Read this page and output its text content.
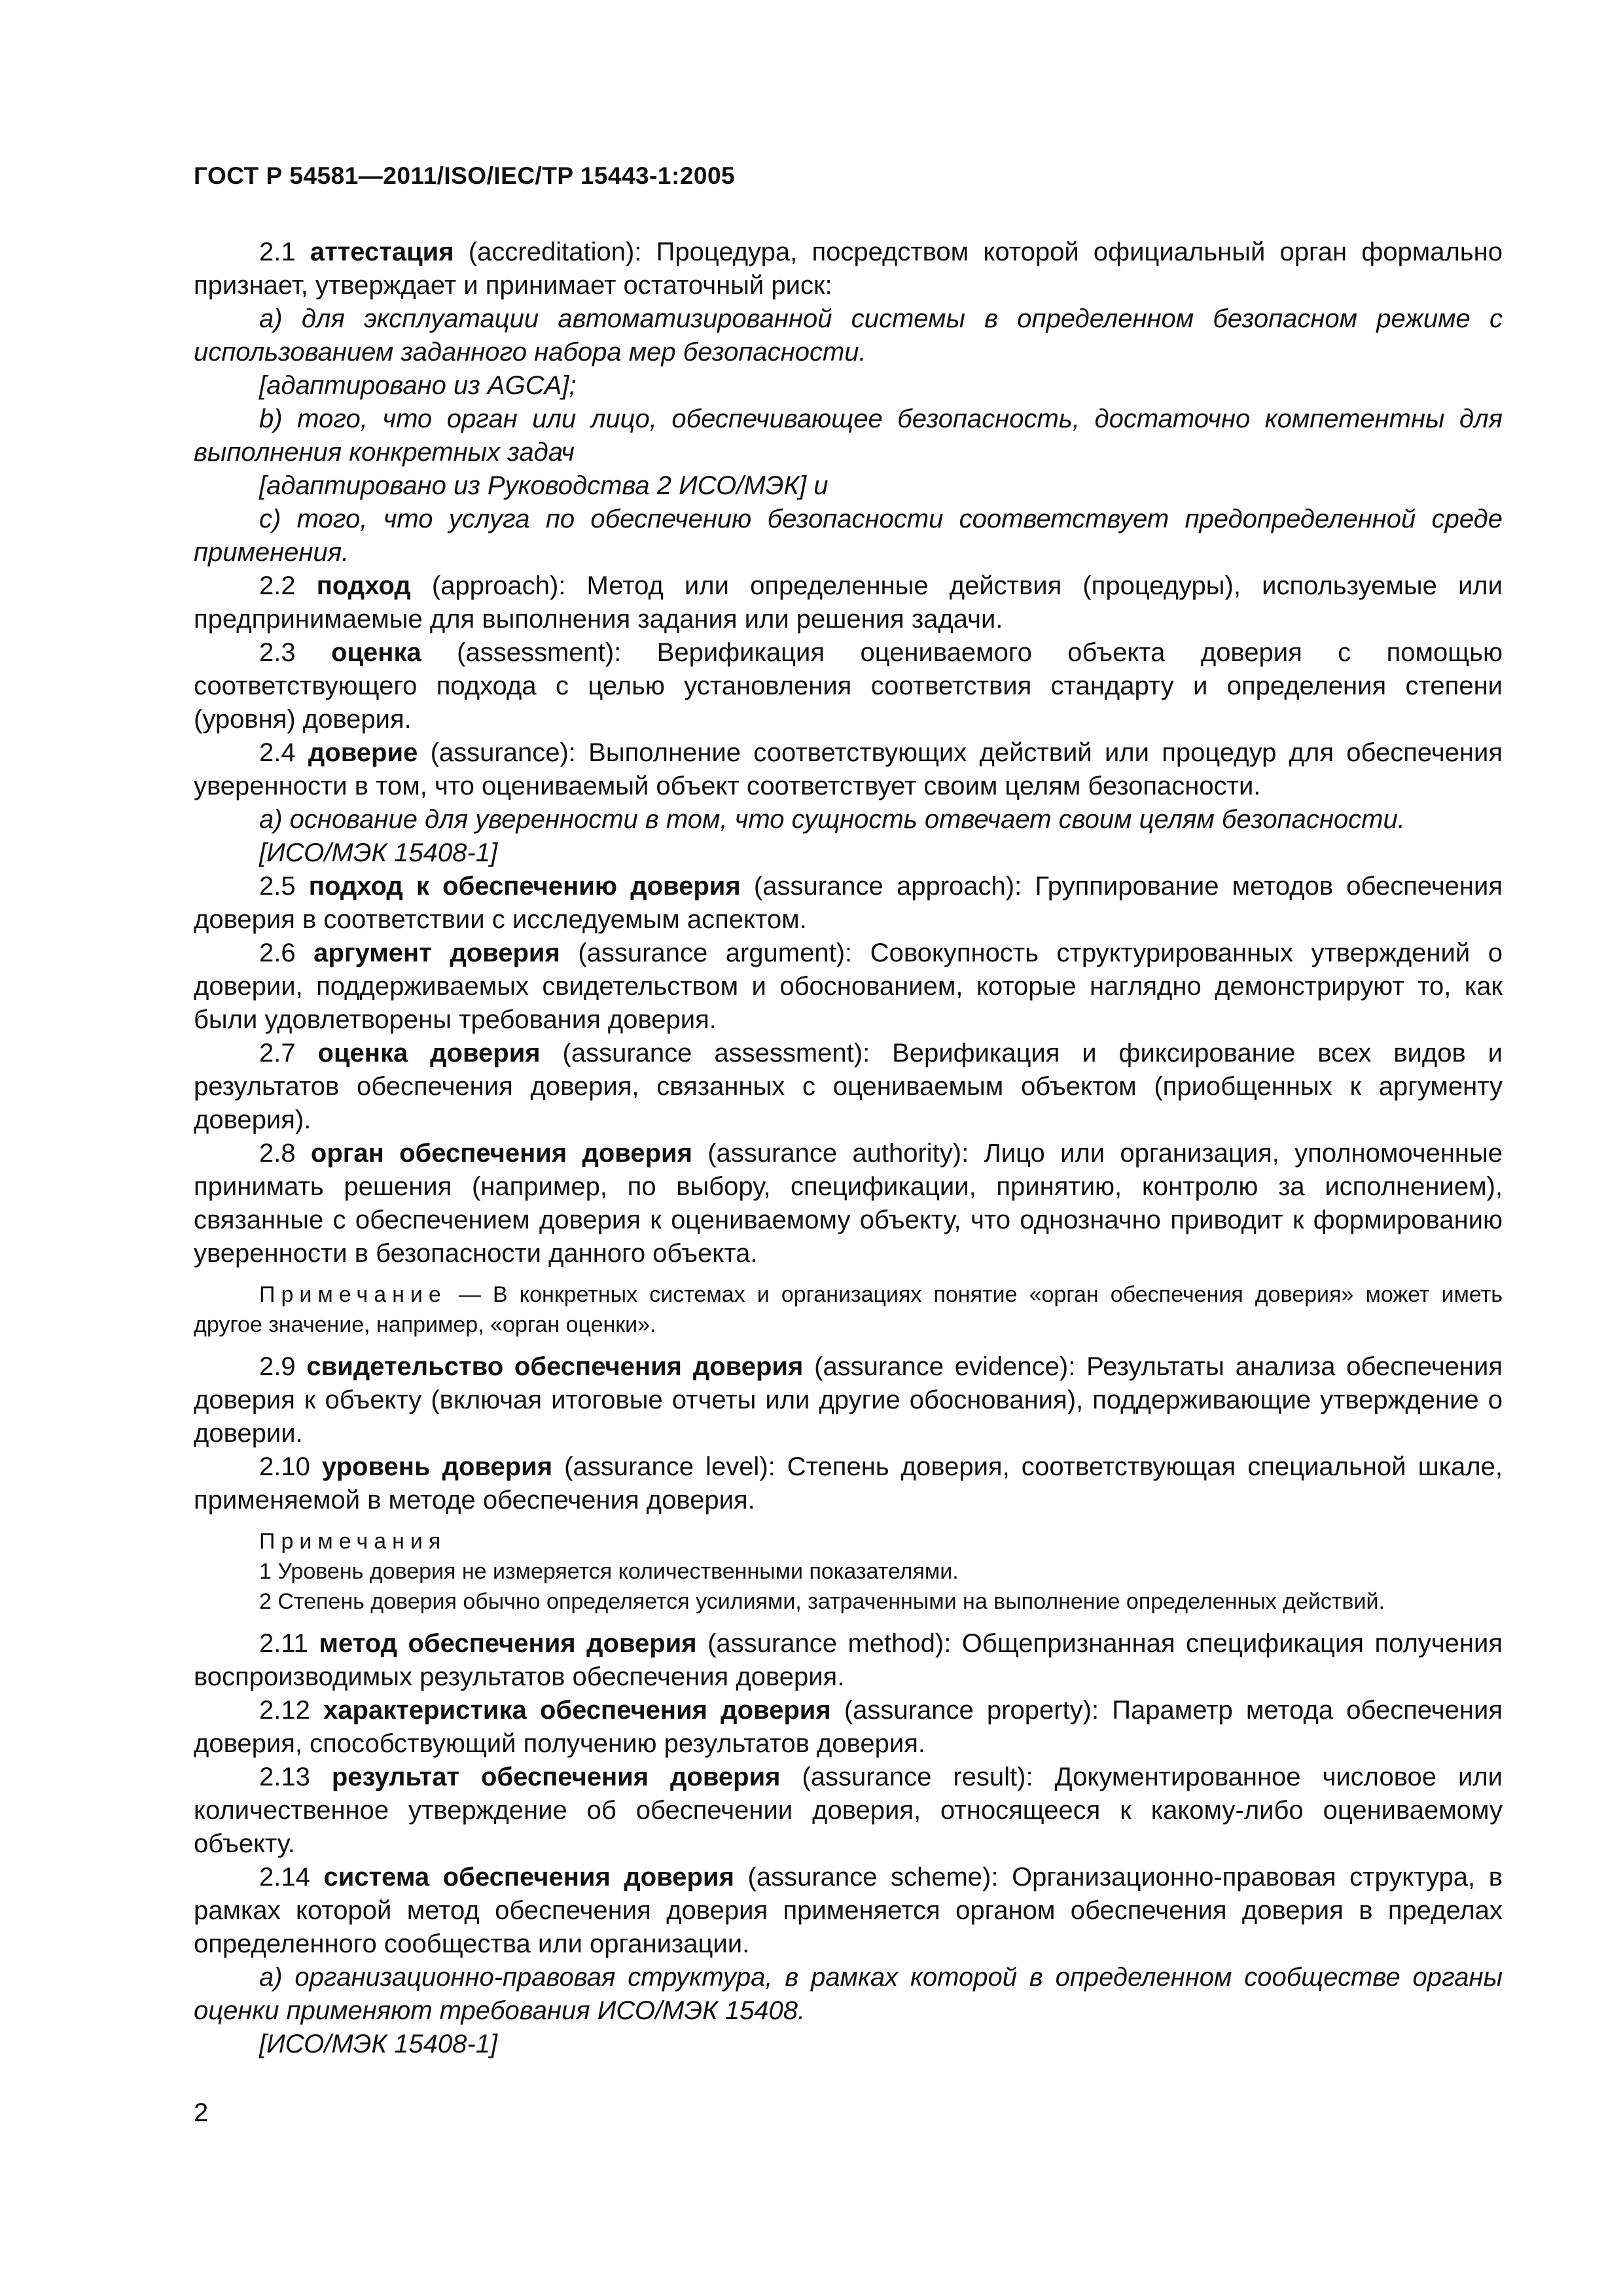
ГОСТ Р 54581—2011/ISO/IEC/TP 15443-1:2005

2.1 аттестация (accreditation): Процедура, посредством которой официальный орган формально признает, утверждает и принимает остаточный риск:

a) для эксплуатации автоматизированной системы в определенном безопасном режиме с использованием заданного набора мер безопасности.

[адаптировано из AGCA];

b) того, что орган или лицо, обеспечивающее безопасность, достаточно компетентны для выполнения конкретных задач

[адаптировано из Руководства 2 ИСО/МЭК] и

c) того, что услуга по обеспечению безопасности соответствует предопределенной среде применения.

2.2 подход (approach): Метод или определенные действия (процедуры), используемые или предпринимаемые для выполнения задания или решения задачи.

2.3 оценка (assessment): Верификация оцениваемого объекта доверия с помощью соответствующего подхода с целью установления соответствия стандарту и определения степени (уровня) доверия.

2.4 доверие (assurance): Выполнение соответствующих действий или процедур для обеспечения уверенности в том, что оцениваемый объект соответствует своим целям безопасности.

a) основание для уверенности в том, что сущность отвечает своим целям безопасности.

[ИСО/МЭК 15408-1]

2.5 подход к обеспечению доверия (assurance approach): Группирование методов обеспечения доверия в соответствии с исследуемым аспектом.

2.6 аргумент доверия (assurance argument): Совокупность структурированных утверждений о доверии, поддерживаемых свидетельством и обоснованием, которые наглядно демонстрируют то, как были удовлетворены требования доверия.

2.7 оценка доверия (assurance assessment): Верификация и фиксирование всех видов и результатов обеспечения доверия, связанных с оцениваемым объектом (приобщенных к аргументу доверия).

2.8 орган обеспечения доверия (assurance authority): Лицо или организация, уполномоченные принимать решения (например, по выбору, спецификации, принятию, контролю за исполнением), связанные с обеспечением доверия к оцениваемому объекту, что однозначно приводит к формированию уверенности в безопасности данного объекта.

Примечание — В конкретных системах и организациях понятие «орган обеспечения доверия» может иметь другое значение, например, «орган оценки».

2.9 свидетельство обеспечения доверия (assurance evidence): Результаты анализа обеспечения доверия к объекту (включая итоговые отчеты или другие обоснования), поддерживающие утверждение о доверии.

2.10 уровень доверия (assurance level): Степень доверия, соответствующая специальной шкале, применяемой в методе обеспечения доверия.

Примечания

1 Уровень доверия не измеряется количественными показателями.

2 Степень доверия обычно определяется усилиями, затраченными на выполнение определенных действий.

2.11 метод обеспечения доверия (assurance method): Общепризнанная спецификация получения воспроизводимых результатов обеспечения доверия.

2.12 характеристика обеспечения доверия (assurance property): Параметр метода обеспечения доверия, способствующий получению результатов доверия.

2.13 результат обеспечения доверия (assurance result): Документированное числовое или количественное утверждение об обеспечении доверия, относящееся к какому-либо оцениваемому объекту.

2.14 система обеспечения доверия (assurance scheme): Организационно-правовая структура, в рамках которой метод обеспечения доверия применяется органом обеспечения доверия в пределах определенного сообщества или организации.

a) организационно-правовая структура, в рамках которой в определенном сообществе органы оценки применяют требования ИСО/МЭК 15408.

[ИСО/МЭК 15408-1]

2
